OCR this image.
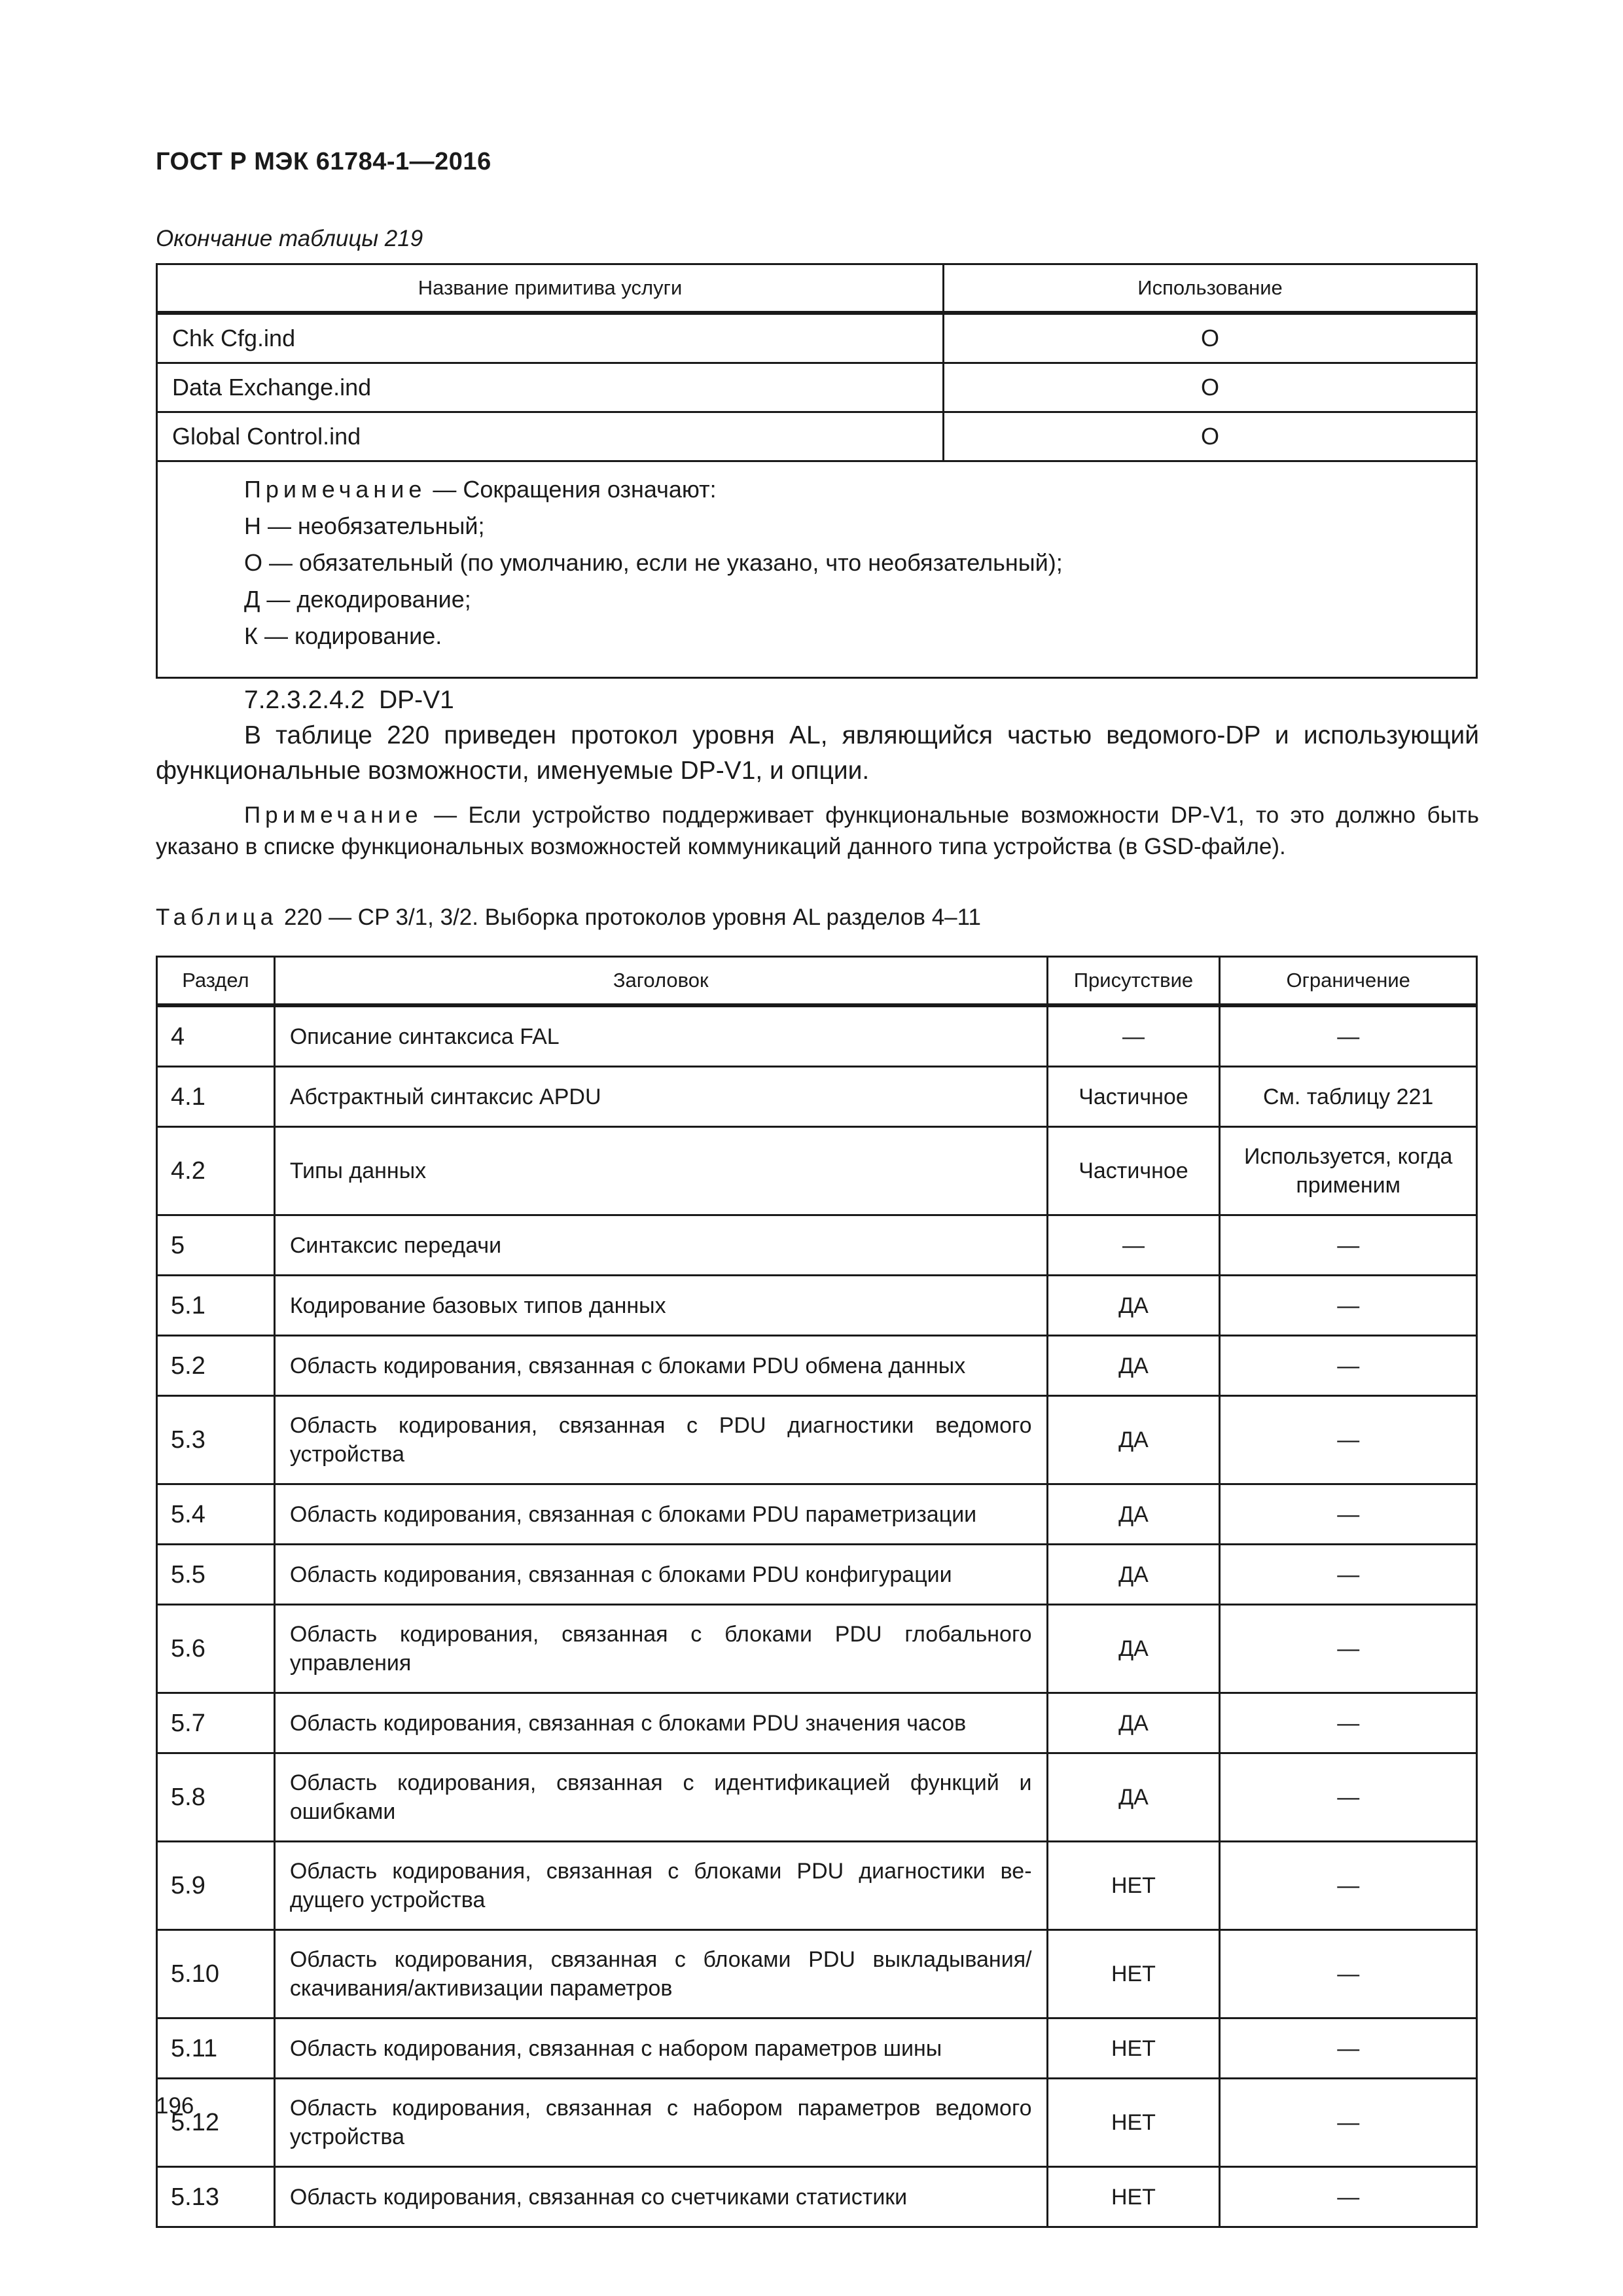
ГОСТ Р МЭК 61784-1—2016
Окончание таблицы 219
Название примитива услуги	Использование
Chk Cfg.ind	О
Data Exchange.ind	О
Global Control.ind	О

Примечание — Сокращения означают:
Н — необязательный;
О — обязательный (по умолчанию, если не указано, что необязательный);
Д — декодирование;
К — кодирование.	
7.2.3.2.4.2  DP-V1
В таблице 220 приведен протокол уровня AL, являющийся частью ведомого-DP и использующий функциональные возможности, именуемые DP-V1, и опции.
Примечание — Если устройство поддерживает функциональные возможности DP-V1, то это должно быть указано в списке функциональных возможностей коммуникаций данного типа устройства (в GSD-файле).
Таблица 220 — CP 3/1, 3/2. Выборка протоколов уровня AL разделов 4–11
Раздел	Заголовок	Присутствие	Ограничение
4	Описание синтаксиса FAL	—	—
4.1	Абстрактный синтаксис APDU	Частичное	См. таблицу 221
4.2	Типы данных	Частичное	Используется, когда применим
5	Синтаксис передачи	—	—
5.1	Кодирование базовых типов данных	ДА	—
5.2	Область кодирования, связанная с блоками PDU обмена данных	ДА	—
5.3	Область кодирования, связанная с PDU диагностики ведомого устройства	ДА	—
5.4	Область кодирования, связанная с блоками PDU параметризации	ДА	—
5.5	Область кодирования, связанная с блоками PDU конфигурации	ДА	—
5.6	Область кодирования, связанная с блоками PDU глобального управления	ДА	—
5.7	Область кодирования, связанная с блоками PDU значения часов	ДА	—
5.8	Область кодирования, связанная с идентификацией функций и ошибками	ДА	—
5.9	Область кодирования, связанная с блоками PDU диагностики ве-дущего устройства	НЕТ	—
5.10	Область кодирования, связанная с блоками PDU выкладывания/ скачивания/активизации параметров	НЕТ	—
5.11	Область кодирования, связанная с набором параметров шины	НЕТ	—
5.12	Область кодирования, связанная с набором параметров ведомого устройства	НЕТ	—
5.13	Область кодирования, связанная со счетчиками статистики	НЕТ	—
196
